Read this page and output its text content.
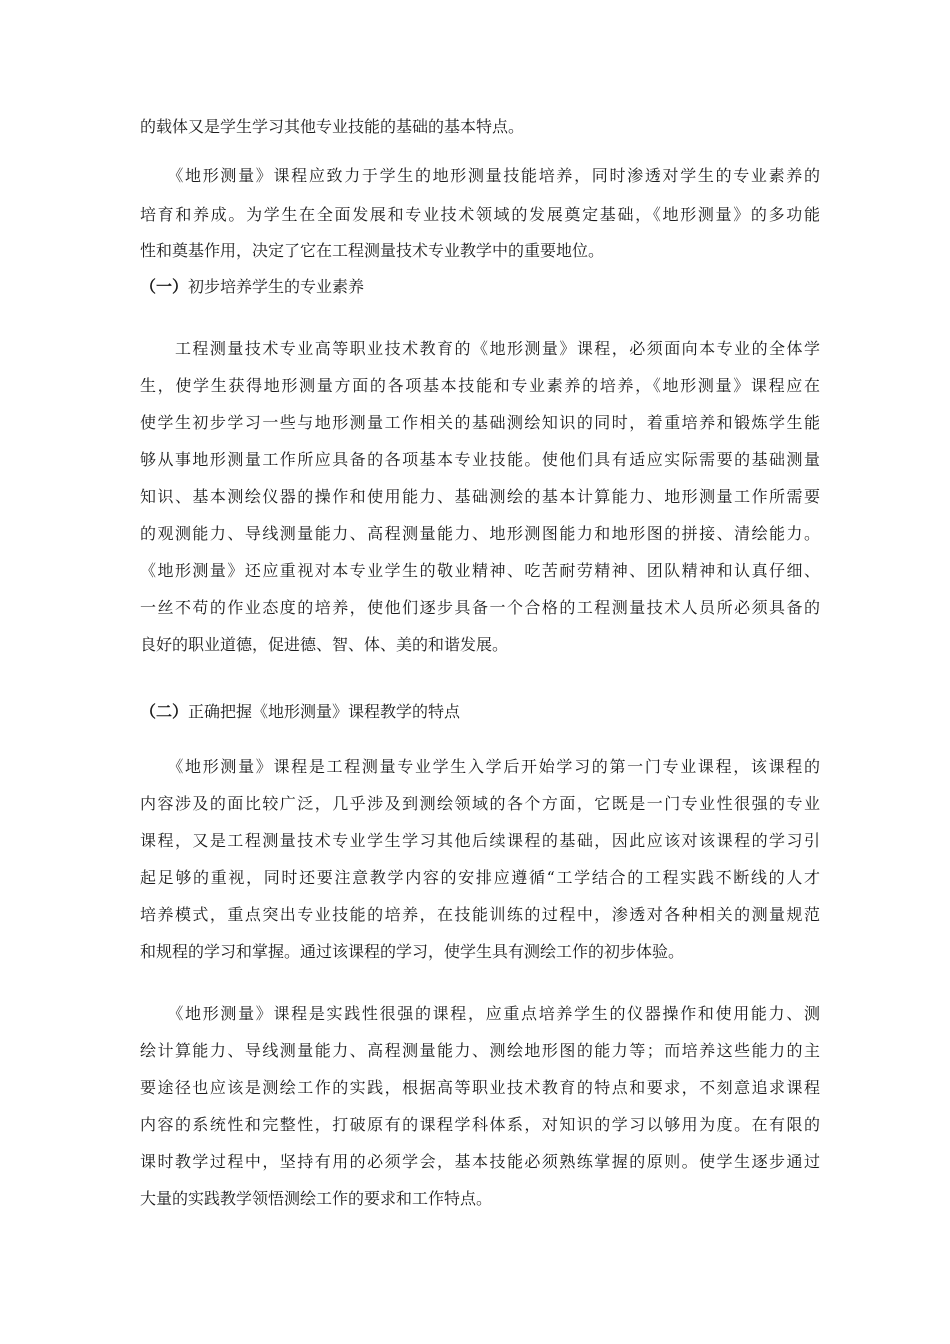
的载体又是学生学习其他专业技能的基础的基本特点。
　　《地形测量》课程应致力于学生的地形测量技能培养，同时渗透对学生的专业素养的
培育和养成。为学生在全面发展和专业技术领域的发展奠定基础，《地形测量》的多功能
性和奠基作用，决定了它在工程测量技术专业教学中的重要地位。
（一）初步培养学生的专业素养
　　工程测量技术专业高等职业技术教育的《地形测量》课程，必须面向本专业的全体学
生，使学生获得地形测量方面的各项基本技能和专业素养的培养，《地形测量》课程应在
使学生初步学习一些与地形测量工作相关的基础测绘知识的同时，着重培养和锻炼学生能
够从事地形测量工作所应具备的各项基本专业技能。使他们具有适应实际需要的基础测量
知识、基本测绘仪器的操作和使用能力、基础测绘的基本计算能力、地形测量工作所需要
的观测能力、导线测量能力、高程测量能力、地形测图能力和地形图的拼接、清绘能力。
《地形测量》还应重视对本专业学生的敬业精神、吃苦耐劳精神、团队精神和认真仔细、
一丝不苟的作业态度的培养，使他们逐步具备一个合格的工程测量技术人员所必须具备的
良好的职业道德，促进德、智、体、美的和谐发展。
（二）正确把握《地形测量》课程教学的特点
　　《地形测量》课程是工程测量专业学生入学后开始学习的第一门专业课程，该课程的
内容涉及的面比较广泛，几乎涉及到测绘领域的各个方面，它既是一门专业性很强的专业
课程，又是工程测量技术专业学生学习其他后续课程的基础，因此应该对该课程的学习引
起足够的重视，同时还要注意教学内容的安排应遵循“工学结合的工程实践不断线的人才
培养模式，重点突出专业技能的培养，在技能训练的过程中，渗透对各种相关的测量规范
和规程的学习和掌握。通过该课程的学习，使学生具有测绘工作的初步体验。
　　《地形测量》课程是实践性很强的课程，应重点培养学生的仪器操作和使用能力、测
绘计算能力、导线测量能力、高程测量能力、测绘地形图的能力等；而培养这些能力的主
要途径也应该是测绘工作的实践，根据高等职业技术教育的特点和要求，不刻意追求课程
内容的系统性和完整性，打破原有的课程学科体系，对知识的学习以够用为度。在有限的
课时教学过程中，坚持有用的必须学会，基本技能必须熟练掌握的原则。使学生逐步通过
大量的实践教学领悟测绘工作的要求和工作特点。
